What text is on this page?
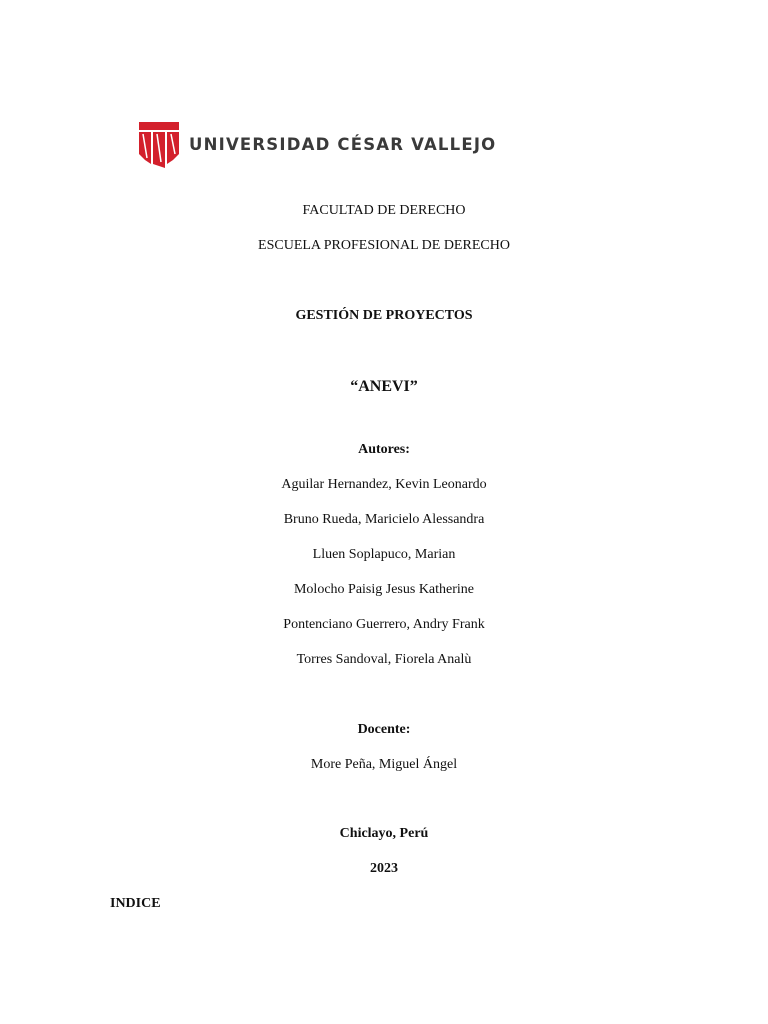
UNIVERSIDAD CÉSAR VALLEJO
FACULTAD DE DERECHO
ESCUELA PROFESIONAL DE DERECHO
GESTIÓN DE PROYECTOS
“ANEVI”
Autores:
Aguilar Hernandez, Kevin Leonardo
Bruno Rueda, Maricielo Alessandra
Lluen Soplapuco, Marian
Molocho Paisig Jesus Katherine
Pontenciano Guerrero, Andry Frank
Torres Sandoval, Fiorela Analù
Docente:
More Peña, Miguel Ángel
Chiclayo, Perú
2023
INDICE
